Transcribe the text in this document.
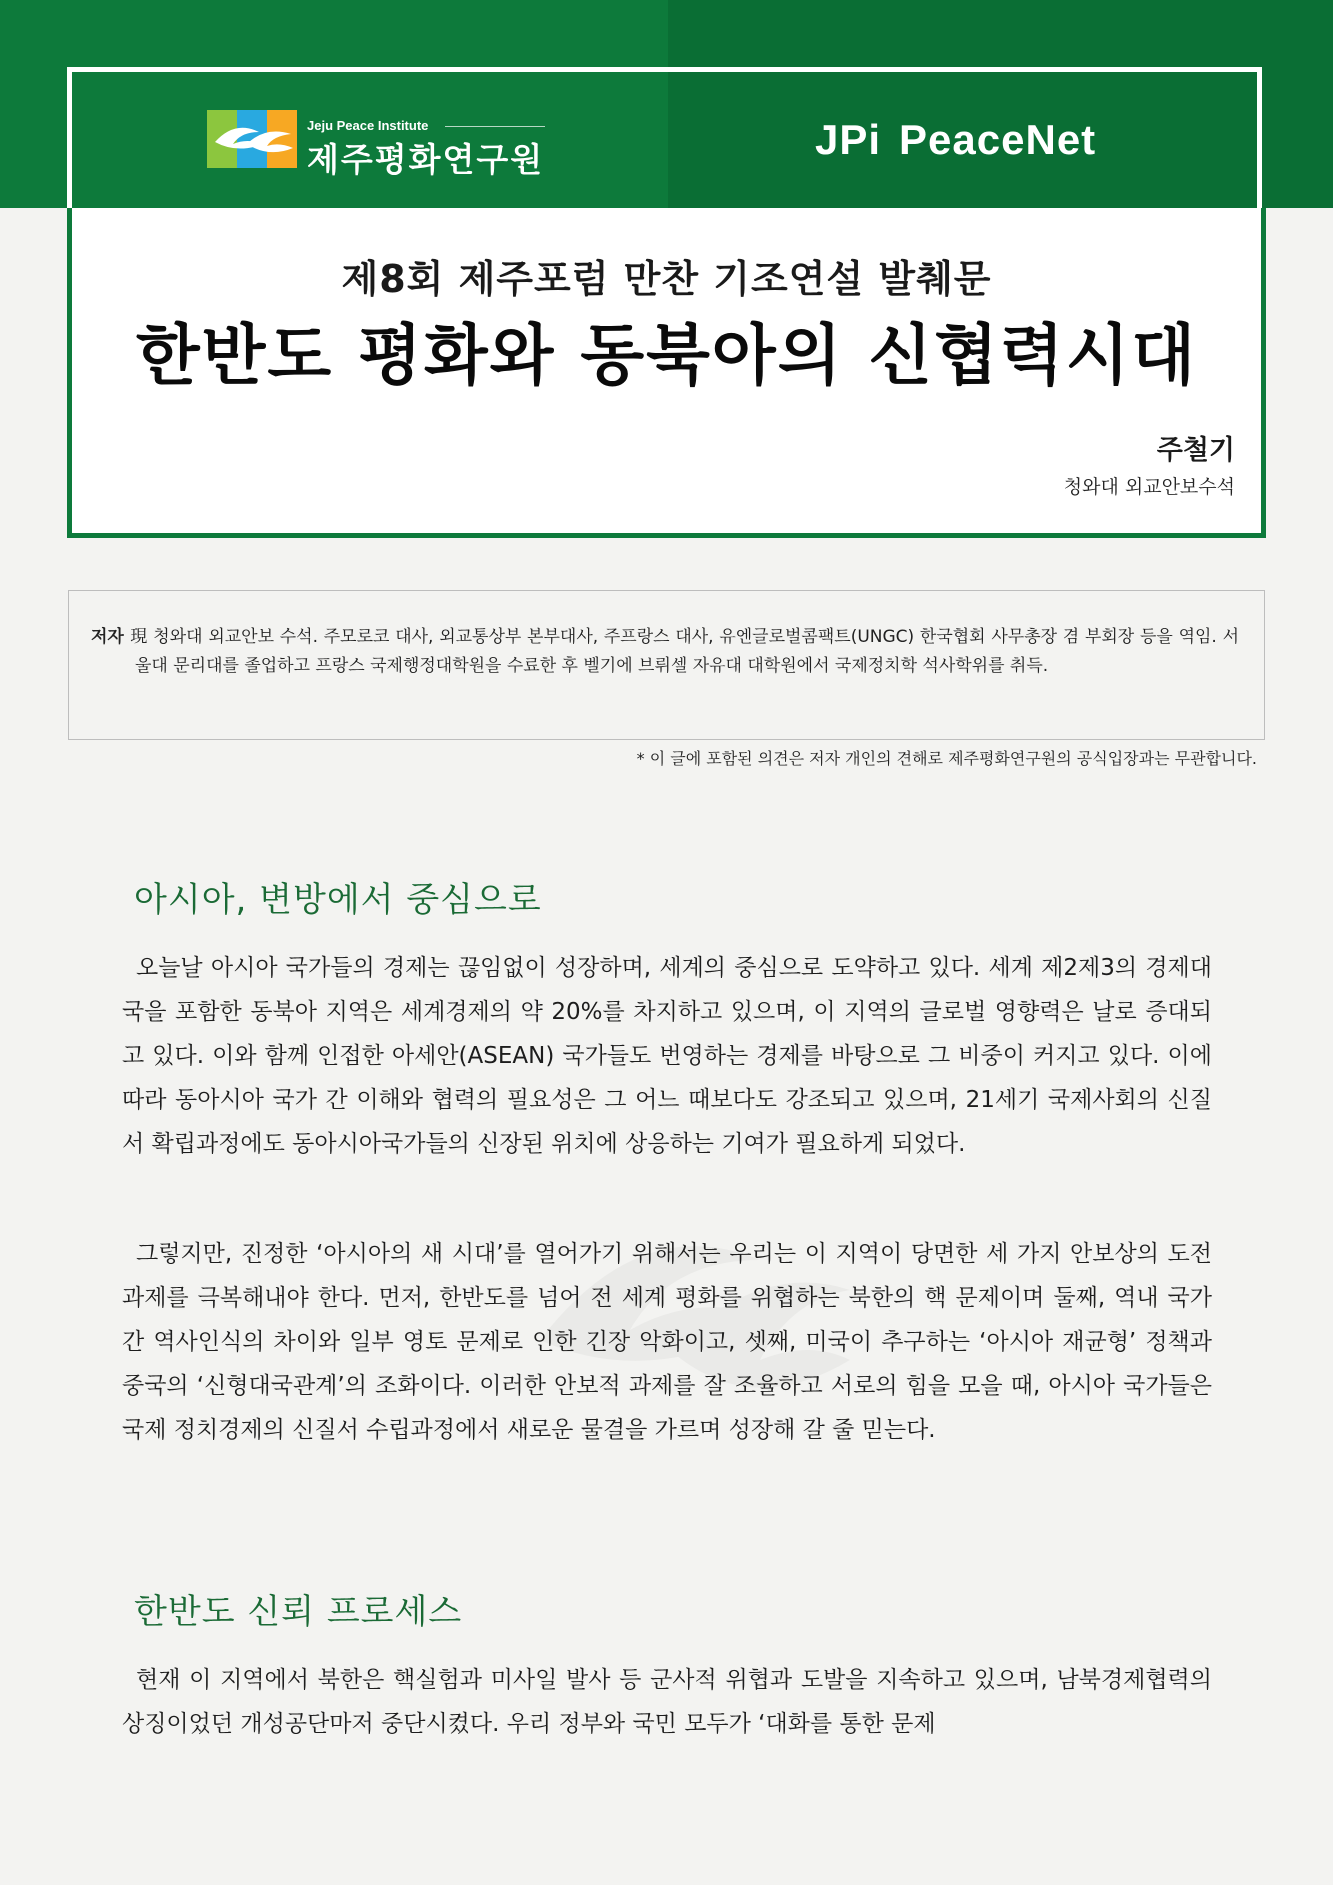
Jeju Peace Institute
제주평화연구원	JPi PeaceNet
제8회 제주포럼 만찬 기조연설 발췌문
한반도 평화와 동북아의 신협력시대
주철기
청와대 외교안보수석
저자 現 청와대 외교안보 수석. 주모로코 대사, 외교통상부 본부대사, 주프랑스 대사, 유엔글로벌콤팩트(UNGC) 한국협회 사무총장 겸 부회장 등을 역임. 서울대 문리대를 졸업하고 프랑스 국제행정대학원을 수료한 후 벨기에 브뤼셀 자유대 대학원에서 국제정치학 석사학위를 취득.
* 이 글에 포함된 의견은 저자 개인의 견해로 제주평화연구원의 공식입장과는 무관합니다.
아시아, 변방에서 중심으로
오늘날 아시아 국가들의 경제는 끊임없이 성장하며, 세계의 중심으로 도약하고 있다. 세계 제2제3의 경제대국을 포함한 동북아 지역은 세계경제의 약 20%를 차지하고 있으며, 이 지역의 글로벌 영향력은 날로 증대되고 있다. 이와 함께 인접한 아세안(ASEAN) 국가들도 번영하는 경제를 바탕으로 그 비중이 커지고 있다. 이에 따라 동아시아 국가 간 이해와 협력의 필요성은 그 어느 때보다도 강조되고 있으며, 21세기 국제사회의 신질서 확립과정에도 동아시아국가들의 신장된 위치에 상응하는 기여가 필요하게 되었다.
그렇지만, 진정한 ‘아시아의 새 시대’를 열어가기 위해서는 우리는 이 지역이 당면한 세 가지 안보상의 도전 과제를 극복해내야 한다. 먼저, 한반도를 넘어 전 세계 평화를 위협하는 북한의 핵 문제이며 둘째, 역내 국가 간 역사인식의 차이와 일부 영토 문제로 인한 긴장 악화이고, 셋째, 미국이 추구하는 ‘아시아 재균형’ 정책과 중국의 ‘신형대국관계’의 조화이다. 이러한 안보적 과제를 잘 조율하고 서로의 힘을 모을 때, 아시아 국가들은 국제 정치경제의 신질서 수립과정에서 새로운 물결을 가르며 성장해 갈 줄 믿는다.
한반도 신뢰 프로세스
현재 이 지역에서 북한은 핵실험과 미사일 발사 등 군사적 위협과 도발을 지속하고 있으며, 남북경제협력의 상징이었던 개성공단마저 중단시켰다. 우리 정부와 국민 모두가 ‘대화를 통한 문제
